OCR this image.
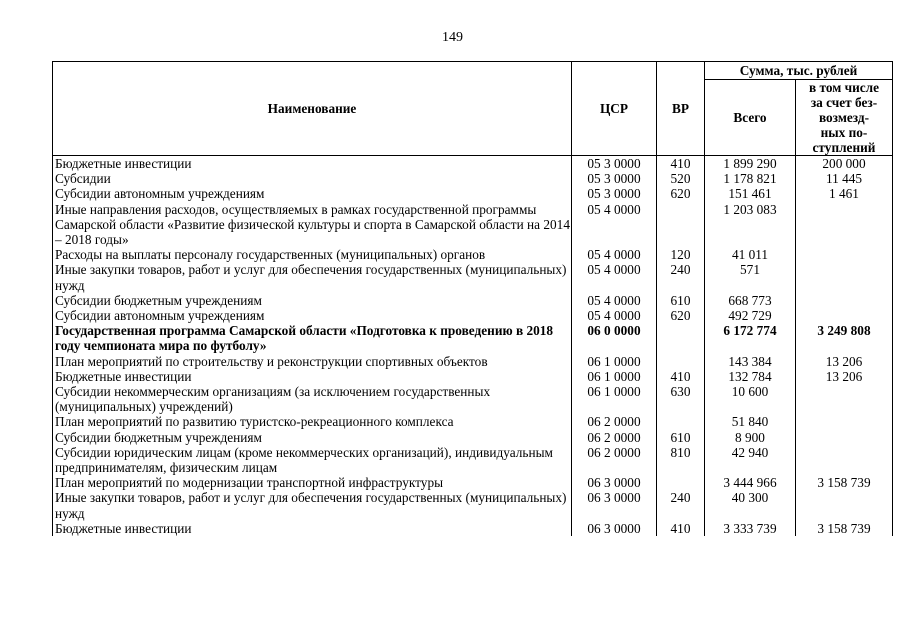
149
Наименование	ЦСР	ВР	Сумма, тыс. рублей	
			Всего	в том числе
за счет без-
возмезд-
ных по-
ступлений

Бюджетные инвестиции	05 3 0000	410	1 899 290	200 000
Субсидии	05 3 0000	520	1 178 821	11 445
Субсидии автономным учреждениям	05 3 0000	620	151 461	1 461
Иные направления расходов, осуществляемых в рамках государственной программы Самарской области «Развитие физической культуры и спорта в Самарской области на 2014 – 2018 годы»	05 4 0000		1 203 083	
Расходы на выплаты персоналу государственных (муниципальных) органов	05 4 0000	120	41 011	
Иные закупки товаров, работ и услуг для обеспечения государственных (муниципальных) нужд	05 4 0000	240	571	
Субсидии бюджетным учреждениям	05 4 0000	610	668 773	
Субсидии автономным учреждениям	05 4 0000	620	492 729	
Государственная программа Самарской области «Подготовка к проведению в 2018 году чемпионата мира по футболу»	06 0 0000		6 172 774	3 249 808
План мероприятий по строительству и реконструкции спортивных объектов	06 1 0000		143 384	13 206
Бюджетные инвестиции	06 1 0000	410	132 784	13 206
Субсидии некоммерческим организациям (за исключением государственных (муниципальных) учреждений)	06 1 0000	630	10 600	
План мероприятий по развитию туристско-рекреационного комплекса	06 2 0000		51 840	
Субсидии бюджетным учреждениям	06 2 0000	610	8 900	
Субсидии юридическим лицам (кроме некоммерческих организаций), индивидуальным предпринимателям, физическим лицам	06 2 0000	810	42 940	
План мероприятий по модернизации транспортной инфраструктуры	06 3 0000		3 444 966	3 158 739
Иные закупки товаров, работ и услуг для обеспечения государственных (муниципальных) нужд	06 3 0000	240	40 300	
Бюджетные инвестиции	06 3 0000	410	3 333 739	3 158 739
